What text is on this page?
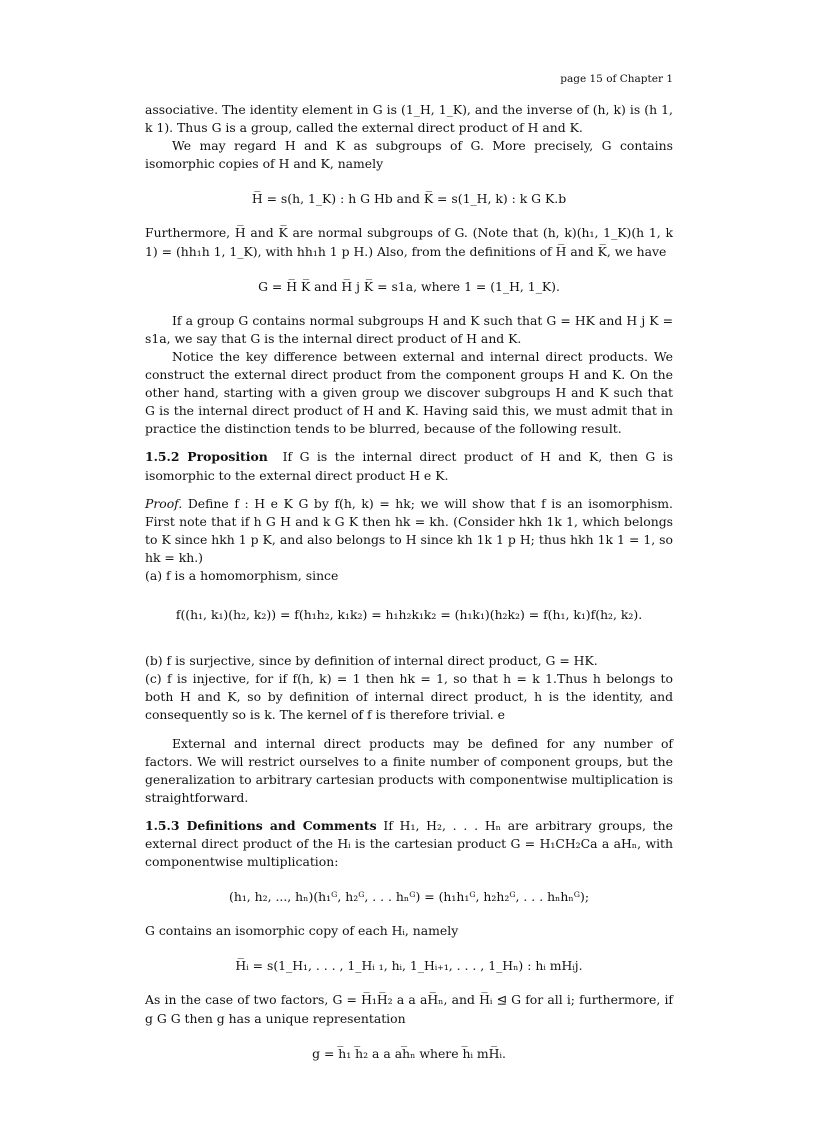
page 15 of Chapter 1

associative. The identity element in G is (1_H, 1_K), and the inverse of (h, k) is (h 1, k 1). Thus G is a group, called the external direct product of H and K.

We may regard H and K as subgroups of G. More precisely, G contains isomorphic copies of H and K, namely

H̅ = s(h, 1_K) : h G Hb and K̅ = s(1_H, k) : k G K.b

Furthermore, H̅ and K̅ are normal subgroups of G. (Note that (h, k)(h₁, 1_K)(h 1, k 1) = (hh₁h 1, 1_K), with hh₁h 1 p H.) Also, from the definitions of H̅ and K̅, we have

G = H̅ K̅ and H̅ j K̅ = s1a, where 1 = (1_H, 1_K).

If a group G contains normal subgroups H and K such that G = HK and H j K = s1a, we say that G is the internal direct product of H and K.

Notice the key difference between external and internal direct products. We construct the external direct product from the component groups H and K. On the other hand, starting with a given group we discover subgroups H and K such that G is the internal direct product of H and K. Having said this, we must admit that in practice the distinction tends to be blurred, because of the following result.

1.5.2 Proposition If G is the internal direct product of H and K, then G is isomorphic to the external direct product H e K.

Proof. Define f : H e K G by f(h, k) = hk; we will show that f is an isomorphism. First note that if h G H and k G K then hk = kh. (Consider hkh 1k 1, which belongs to K since hkh 1 p K, and also belongs to H since kh 1k 1 p H; thus hkh 1k 1 = 1, so hk = kh.)

(a) f is a homomorphism, since

f((h₁, k₁)(h₂, k₂)) = f(h₁h₂, k₁k₂) = h₁h₂k₁k₂ = (h₁k₁)(h₂k₂) = f(h₁, k₁)f(h₂, k₂).

(b) f is surjective, since by definition of internal direct product, G = HK.

(c) f is injective, for if f(h, k) = 1 then hk = 1, so that h = k 1.Thus h belongs to both H and K, so by definition of internal direct product, h is the identity, and consequently so is k. The kernel of f is therefore trivial. e

External and internal direct products may be defined for any number of factors. We will restrict ourselves to a finite number of component groups, but the generalization to arbitrary cartesian products with componentwise multiplication is straightforward.

1.5.3 Definitions and Comments If H₁, H₂, . . . Hₙ are arbitrary groups, the external direct product of the Hᵢ is the cartesian product G = H₁CH₂Ca a aHₙ, with componentwise multiplication:

(h₁, h₂, ..., hₙ)(h₁ᴳ, h₂ᴳ, . . . hₙᴳ) = (h₁h₁ᴳ, h₂h₂ᴳ, . . . hₙhₙᴳ);

G contains an isomorphic copy of each Hᵢ, namely

H̅ᵢ = s(1_H₁, . . . , 1_Hᵢ ₁, hᵢ, 1_Hᵢ₊₁, . . . , 1_Hₙ) : hᵢ mHᵢj.

As in the case of two factors, G = H̅₁H̅₂ a a aH̅ₙ, and H̅ᵢ ⊴ G for all i; furthermore, if g G G then g has a unique representation

g = h̅₁ h̅₂ a a ah̅ₙ where h̅ᵢ mH̅ᵢ.
